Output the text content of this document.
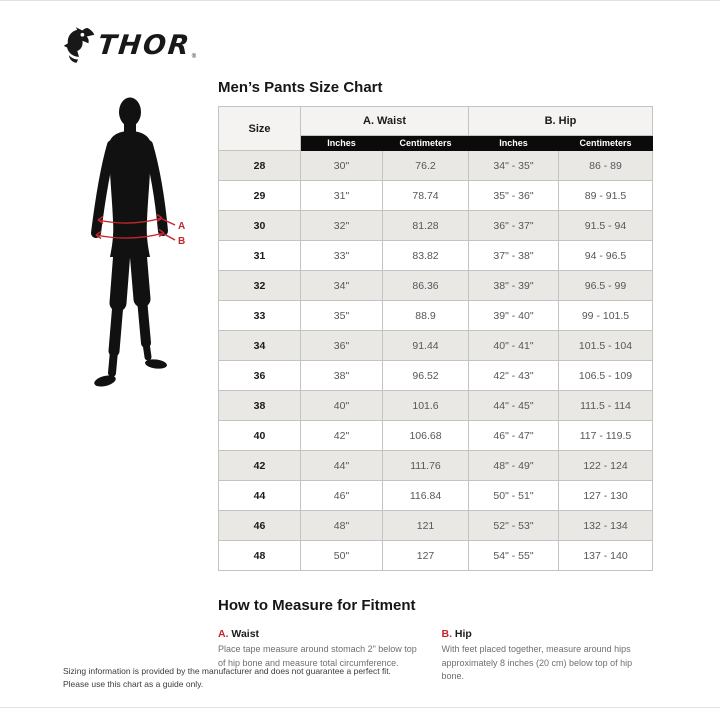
THOR ®
A
B
Men’s Pants Size Chart
Size	A. Waist		B. Hip	
	Inches	Centimeters	Inches	Centimeters
28	30"	76.2	34" - 35"	86 - 89
29	31"	78.74	35" - 36"	89 - 91.5
30	32"	81.28	36" - 37"	91.5 - 94
31	33"	83.82	37" - 38"	94 - 96.5
32	34"	86.36	38" - 39"	96.5 - 99
33	35"	88.9	39" - 40"	99 - 101.5
34	36"	91.44	40" - 41"	101.5 - 104
36	38"	96.52	42" - 43"	106.5 - 109
38	40"	101.6	44" - 45"	111.5 - 114
40	42"	106.68	46" - 47"	117 - 119.5
42	44"	111.76	48" - 49"	122 - 124
44	46"	116.84	50" - 51"	127 - 130
46	48"	121	52" - 53"	132 - 134
48	50"	127	54" - 55"	137 - 140
How to Measure for Fitment
A. Waist

Place tape measure around stomach 2" below top of hip bone and measure total circumference.

B. Hip

With feet placed together, measure around hips approximately 8 inches (20 cm) below top of hip bone.

Sizing information is provided by the manufacturer and does not guarantee a perfect fit.
Please use this chart as a guide only.
